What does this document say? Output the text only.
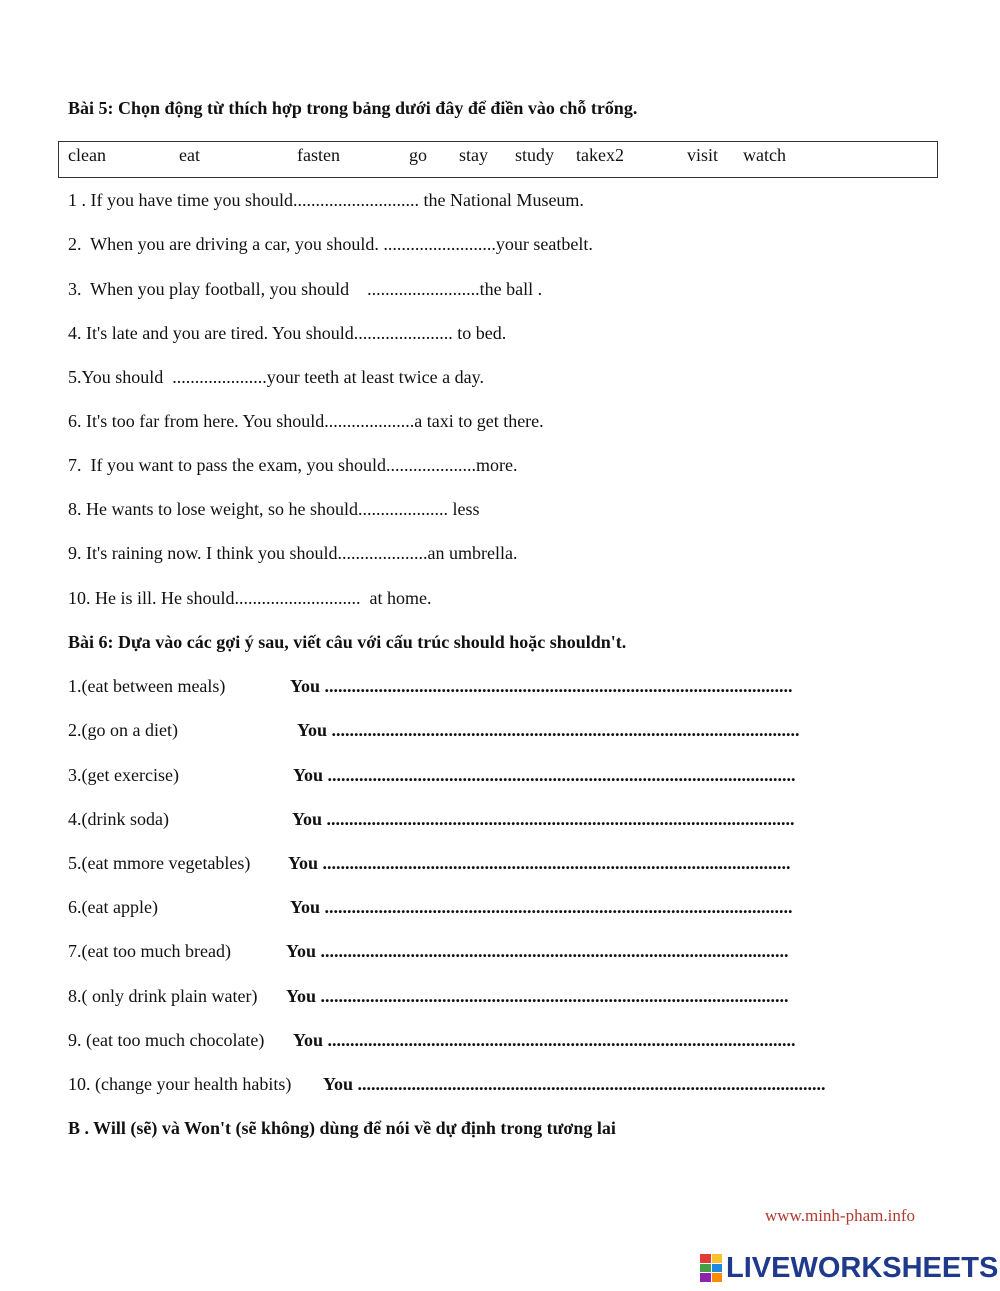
Bài 5: Chọn động từ thích hợp trong bảng dưới đây để điền vào chỗ trống.
clean	eat	fasten	go stay study takex2	visit watch
1 . If you have time you should............................ the National Museum.
2.  When you are driving a car, you should. .........................your seatbelt.
3.  When you play football, you should    .........................the ball .
4. It's late and you are tired. You should...................... to bed.
5.You should  .....................your teeth at least twice a day.
6. It's too far from here. You should....................a taxi to get there.
7.  If you want to pass the exam, you should....................more.
8. He wants to lose weight, so he should.................... less
9. It's raining now. I think you should....................an umbrella.
10. He is ill. He should............................  at home.
Bài 6: Dựa vào các gợi ý sau, viết câu với cấu trúc should hoặc shouldn't.
1.(eat between meals)	You ........................................................................................................
2.(go on a diet)	You ........................................................................................................
3.(get exercise)	You ........................................................................................................
4.(drink soda)	You ........................................................................................................
5.(eat mmore vegetables) You ........................................................................................................
6.(eat apple)	You ........................................................................................................
7.(eat too much bread)	You ........................................................................................................
8.( only drink plain water) You ........................................................................................................
9. (eat too much chocolate) You ........................................................................................................
10. (change your health habits) You ........................................................................................................
B . Will (sẽ) và Won't (sẽ không) dùng để nói về dự định trong tương lai
www.minh-pham.info
LIVEWORKSHEETS
